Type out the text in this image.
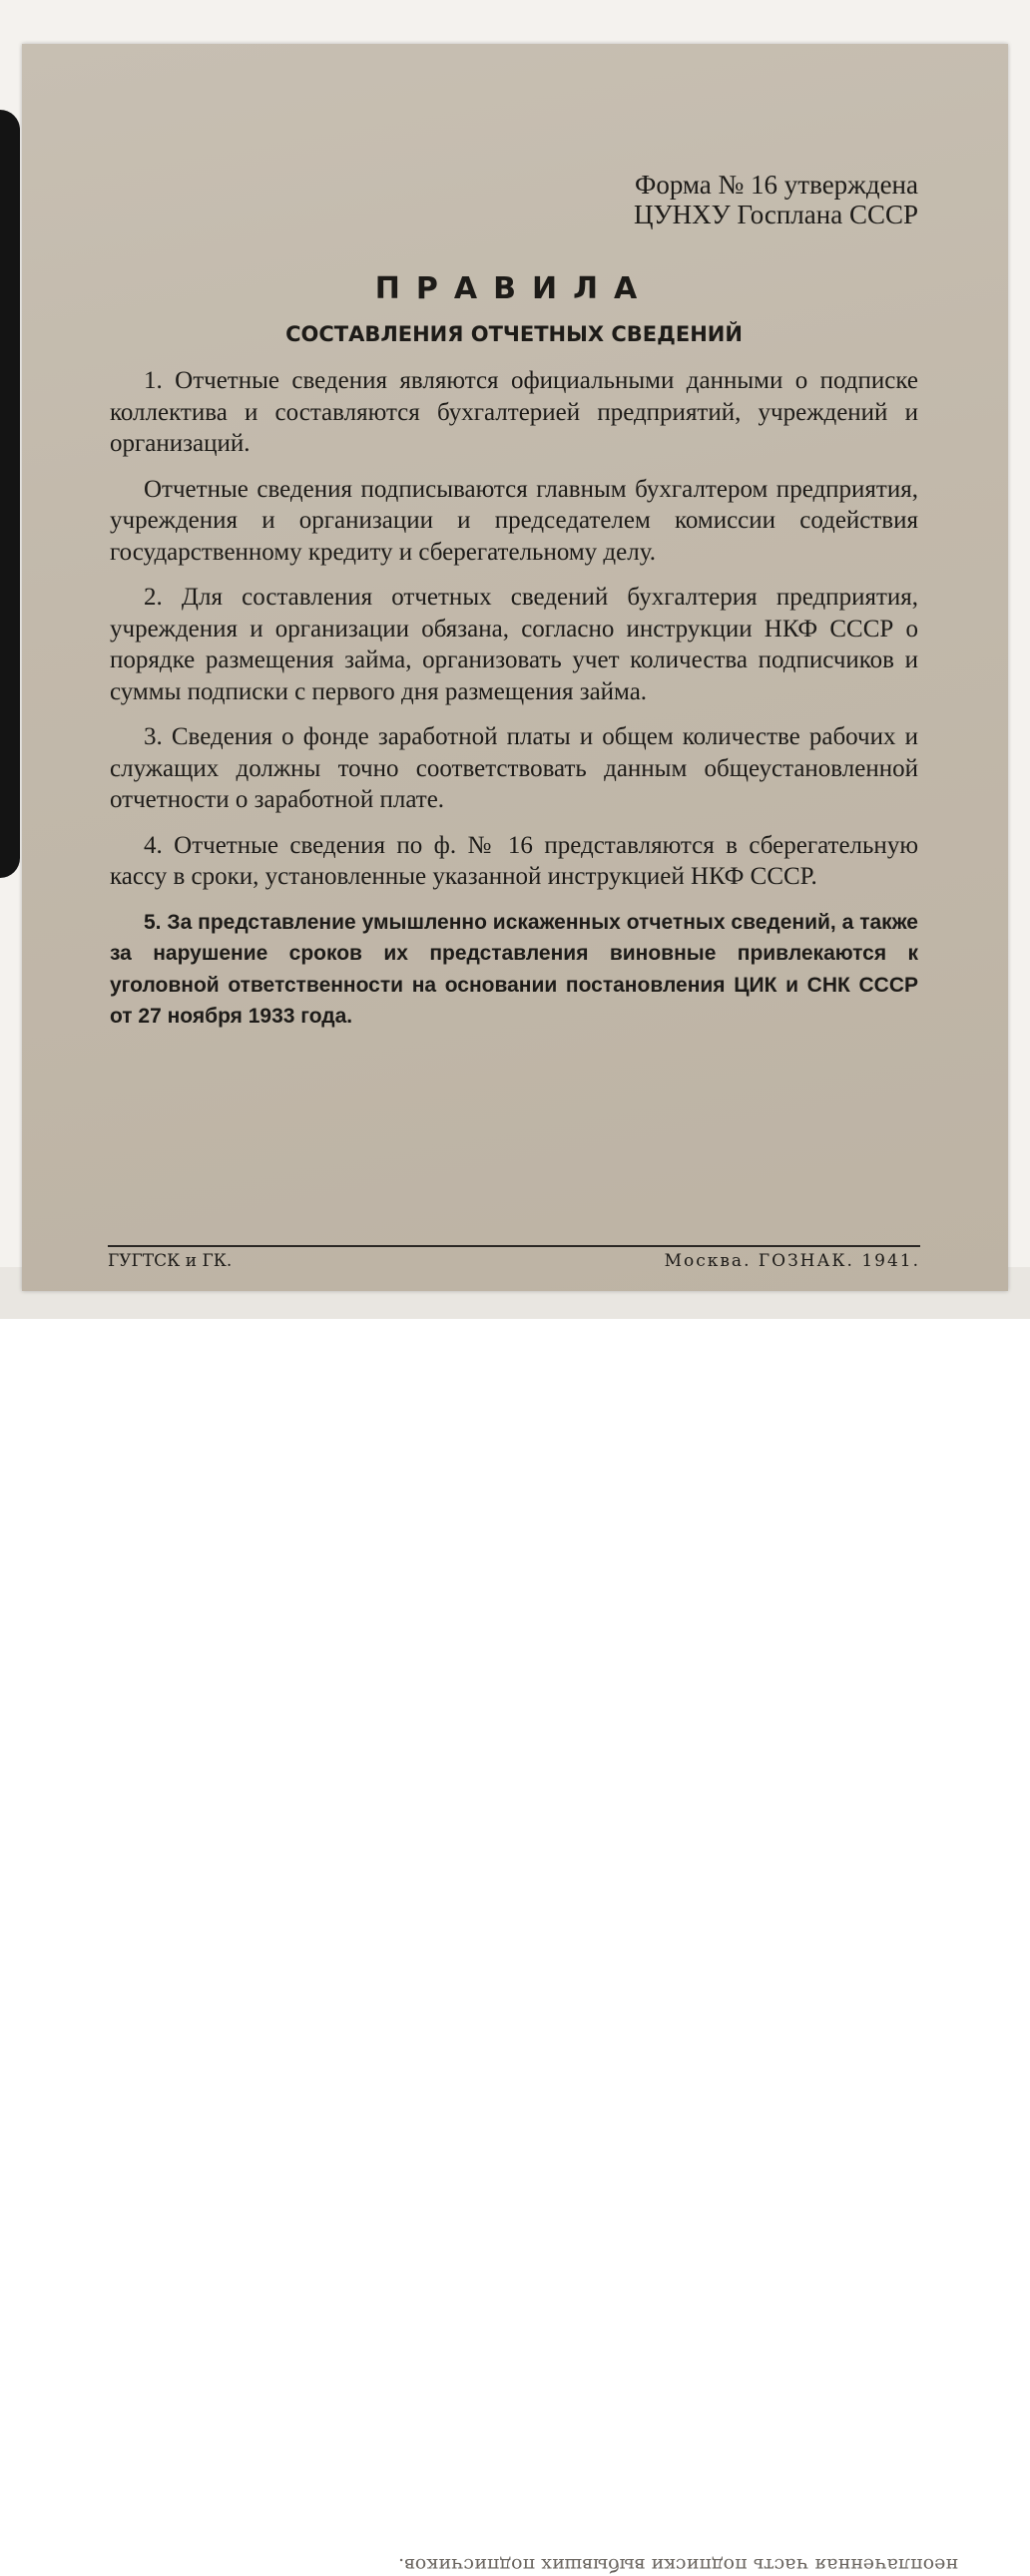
неоплаченная часть подписки выбывших подписчиков.

Форма № 16 утверждена
ЦУНХУ Госплана СССР

ПРАВИЛА
СОСТАВЛЕНИЯ ОТЧЕТНЫХ СВЕДЕНИЙ

1. Отчетные сведения являются официальными данными о подписке коллектива и составляются бухгалтерией предприятий, учреждений и организаций.

Отчетные сведения подписываются главным бухгалтером предприятия, учреждения и организации и председателем комиссии содействия государственному кредиту и сберегательному делу.

2. Для составления отчетных сведений бухгалтерия предприятия, учреждения и организации обязана, согласно инструкции НКФ СССР о порядке размещения займа, организовать учет количества подписчиков и суммы подписки с первого дня размещения займа.

3. Сведения о фонде заработной платы и общем количестве рабочих и служащих должны точно соответствовать данным общеустановленной отчетности о заработной плате.

4. Отчетные сведения по ф. № 16 представляются в сберегательную кассу в сроки, установленные указанной инструкцией НКФ СССР.

5. За представление умышленно искаженных отчетных сведений, а также за нарушение сроков их представления виновные привлекаются к уголовной ответственности на основании постановления ЦИК и СНК СССР от 27 ноября 1933 года.

ГУГТСК и ГК.	Москва. ГОЗНАК. 1941.
